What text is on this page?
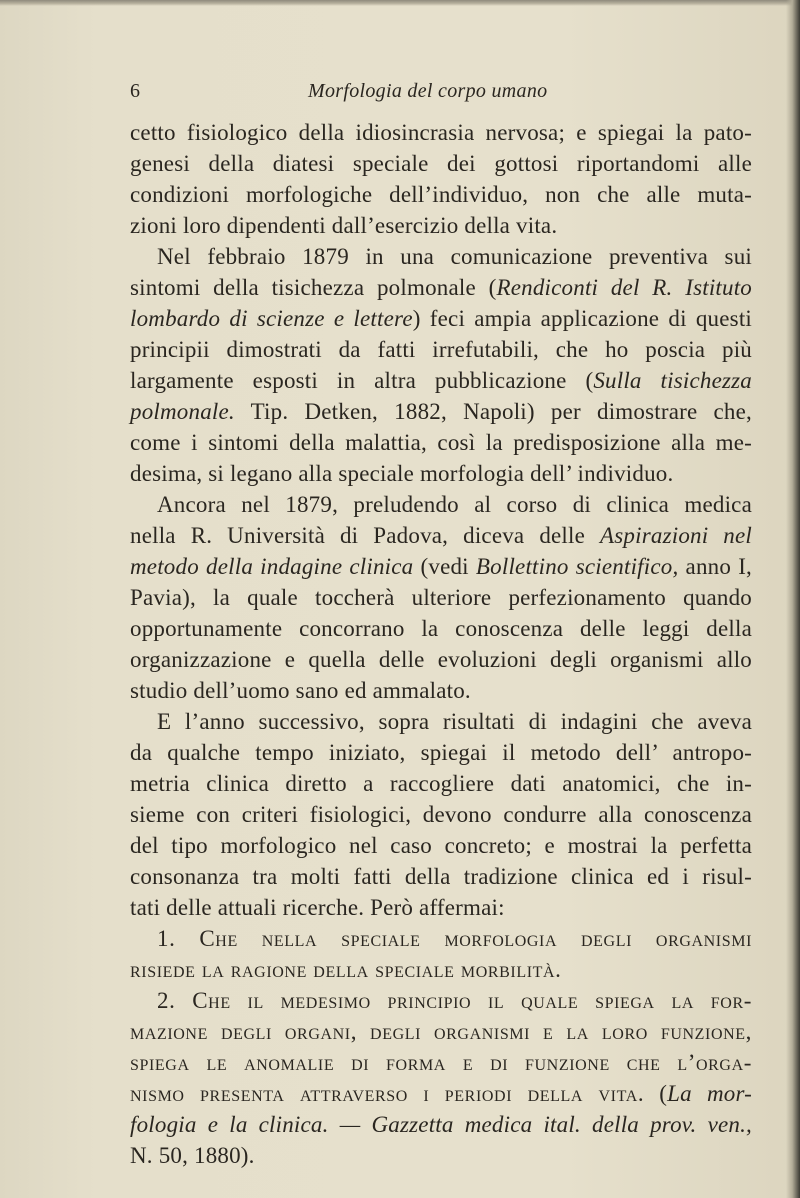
6	Morfologia del corpo umano
cetto fisiologico della idiosincrasia nervosa; e spiegai la pato-
genesi della diatesi speciale dei gottosi riportandomi alle
condizioni morfologiche dell’individuo, non che alle muta-
zioni loro dipendenti dall’esercizio della vita.
Nel febbraio 1879 in una comunicazione preventiva sui
sintomi della tisichezza polmonale (Rendiconti del R. Istituto
lombardo di scienze e lettere) feci ampia applicazione di questi
principii dimostrati da fatti irrefutabili, che ho poscia più
largamente esposti in altra pubblicazione (Sulla tisichezza
polmonale. Tip. Detken, 1882, Napoli) per dimostrare che,
come i sintomi della malattia, così la predisposizione alla me-
desima, si legano alla speciale morfologia dell’ individuo.
Ancora nel 1879, preludendo al corso di clinica medica
nella R. Università di Padova, diceva delle Aspirazioni nel
metodo della indagine clinica (vedi Bollettino scientifico, anno I,
Pavia), la quale toccherà ulteriore perfezionamento quando
opportunamente concorrano la conoscenza delle leggi della
organizzazione e quella delle evoluzioni degli organismi allo
studio dell’uomo sano ed ammalato.
E l’anno successivo, sopra risultati di indagini che aveva
da qualche tempo iniziato, spiegai il metodo dell’ antropo-
metria clinica diretto a raccogliere dati anatomici, che in-
sieme con criteri fisiologici, devono condurre alla conoscenza
del tipo morfologico nel caso concreto; e mostrai la perfetta
consonanza tra molti fatti della tradizione clinica ed i risul-
tati delle attuali ricerche. Però affermai:
1. Che nella speciale morfologia degli organismi
risiede la ragione della speciale morbilità.
2. Che il medesimo principio il quale spiega la for-
mazione degli organi, degli organismi e la loro funzione,
spiega le anomalie di forma e di funzione che l’orga-
nismo presenta attraverso i periodi della vita. (La mor-
fologia e la clinica. — Gazzetta medica ital. della prov. ven.,
N. 50, 1880).
